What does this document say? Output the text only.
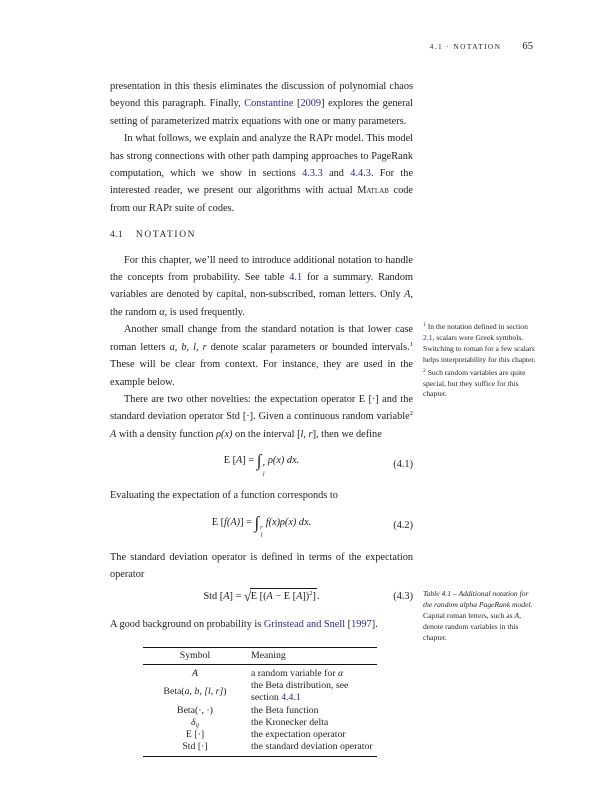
4.1 · NOTATION 65

presentation in this thesis eliminates the discussion of polynomial chaos beyond this paragraph. Finally, Constantine [2009] explores the general setting of parameterized matrix equations with one or many parameters.

In what follows, we explain and analyze the RAPr model. This model has strong connections with other path damping approaches to PageRank computation, which we show in sections 4.3.3 and 4.4.3. For the interested reader, we present our algorithms with actual Matlab code from our RAPr suite of codes.

4.1 NOTATION

For this chapter, we’ll need to introduce additional notation to handle the concepts from probability. See table 4.1 for a summary. Random variables are denoted by capital, non-subscribed, roman letters. Only A, the random α, is used frequently.

Another small change from the standard notation is that lower case roman letters a, b, l, r denote scalar parameters or bounded intervals.$^1$ These will be clear from context. For instance, they are used in the example below.

There are two other novelties: the expectation operator E [·] and the standard deviation operator Std [·]. Given a continuous random variable$^2$ A with a density function ρ(x) on the interval [l, r], then we define

E [A] = ∫ r
l
ρ(x) dx.	(4.1)

Evaluating the expectation of a function corresponds to

E [f(A)] = ∫ r
l
f(x)ρ(x) dx.	(4.2)

The standard deviation operator is defined in terms of the expectation operator

Std [A] = √E [(A − E [A])$^2$].	(4.3)

A good background on probability is Grinstead and Snell [1997].

Symbol	Meaning
A	a random variable for α
Beta(a, b, [l, r])	the Beta distribution, see section 4.4.1
Beta(·, ·)	the Beta function
$\delta_{ij}$	the Kronecker delta
E [·]	the expectation operator
Std [·]	the standard deviation operator
$^1$ In the notation defined in section 2.1, scalars were Greek symbols. Switching to roman for a few scalars helps interpretability for this chapter.
$^2$ Such random variables are quite special, but they suffice for this chapter.
Table 4.1 – Additional notation for the random alpha PageRank model. Capital roman letters, such as A, denote random variables in this chapter.
